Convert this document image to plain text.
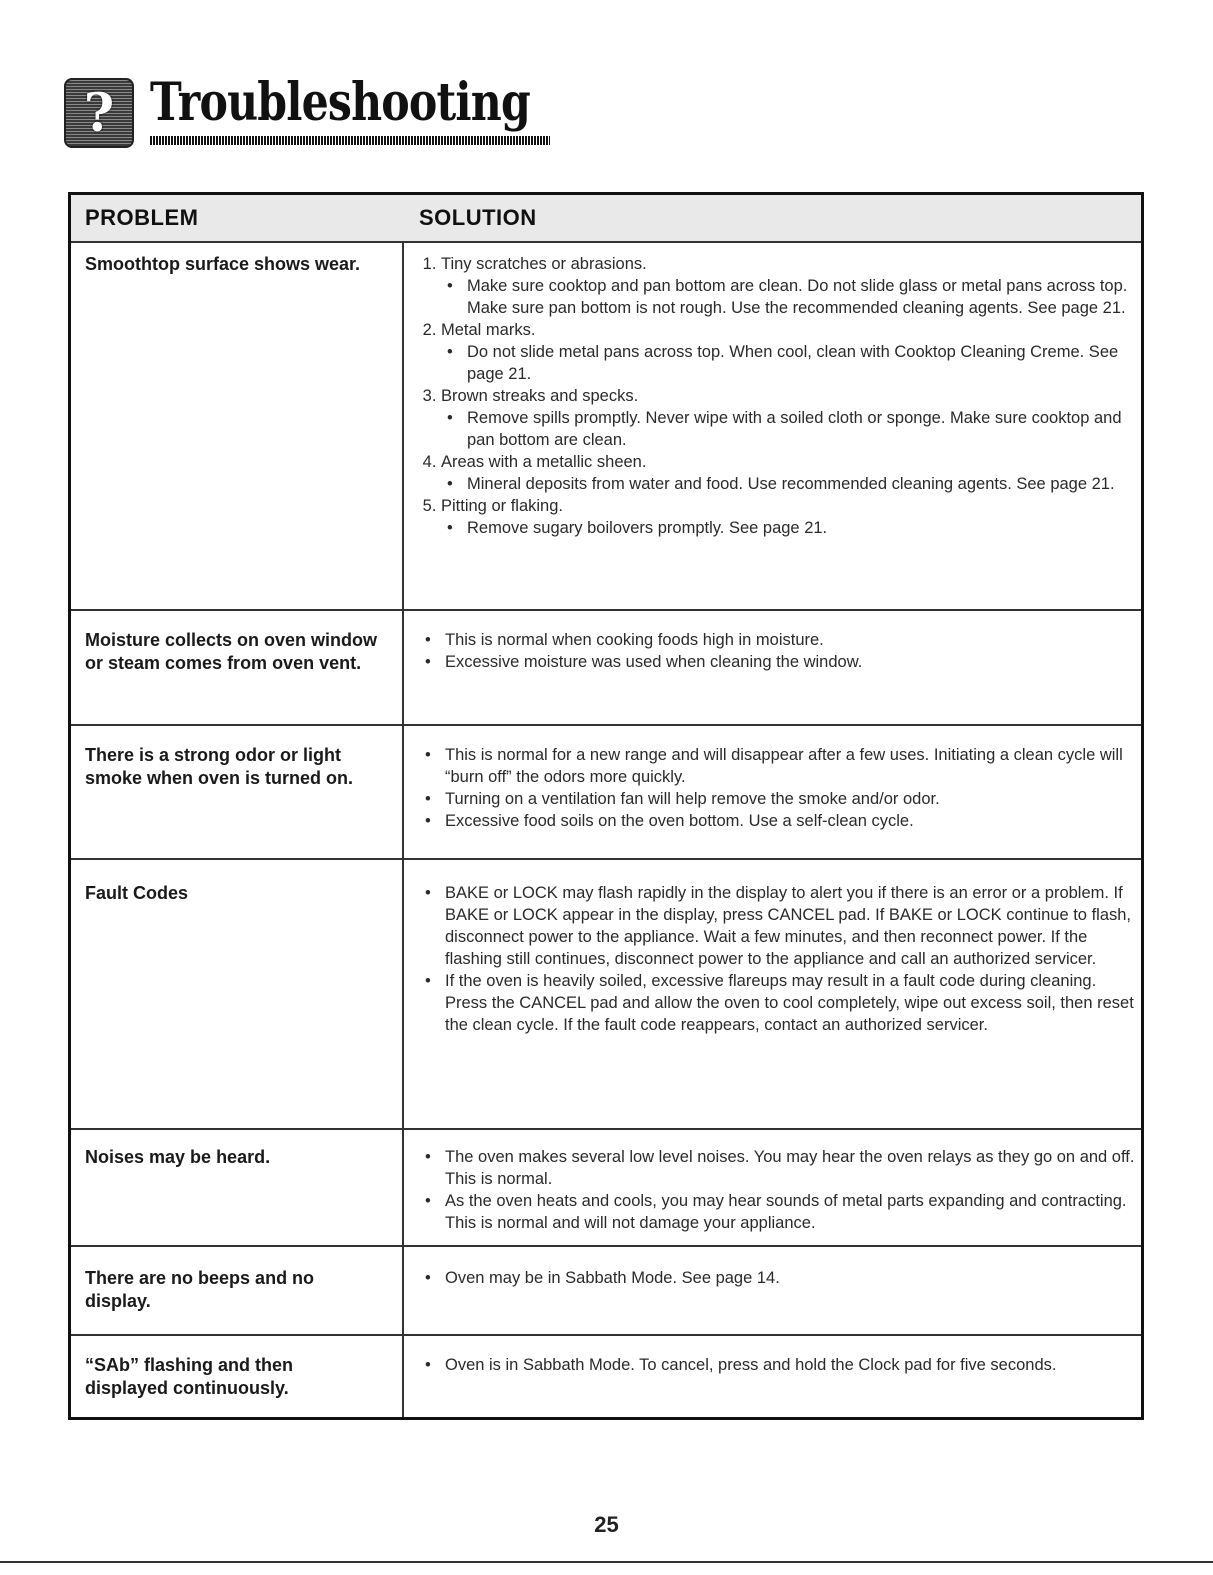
? Troubleshooting
PROBLEM	SOLUTION
Smoothtop surface shows wear.	1. Tiny scratches or abrasions.
• Make sure cooktop and pan bottom are clean. Do not slide glass or metal pans across top. Make sure pan bottom is not rough. Use the recommended cleaning agents. See page 21.
2. Metal marks.
• Do not slide metal pans across top. When cool, clean with Cooktop Cleaning Creme. See page 21.
3. Brown streaks and specks.
• Remove spills promptly. Never wipe with a soiled cloth or sponge. Make sure cooktop and pan bottom are clean.
4. Areas with a metallic sheen.
• Mineral deposits from water and food. Use recommended cleaning agents. See page 21.
5. Pitting or flaking.
• Remove sugary boilovers promptly. See page 21.
Moisture collects on oven window or steam comes from oven vent.
• This is normal when cooking foods high in moisture.
• Excessive moisture was used when cleaning the window.
There is a strong odor or light smoke when oven is turned on.
• This is normal for a new range and will disappear after a few uses. Initiating a clean cycle will “burn off” the odors more quickly.
• Turning on a ventilation fan will help remove the smoke and/or odor.
• Excessive food soils on the oven bottom. Use a self-clean cycle.
Fault Codes	• BAKE or LOCK may flash rapidly in the display to alert you if there is an error or a problem. If BAKE or LOCK appear in the display, press CANCEL pad. If BAKE or LOCK continue to flash, disconnect power to the appliance. Wait a few minutes, and then reconnect power. If the flashing still continues, disconnect power to the appliance and call an authorized servicer.
• If the oven is heavily soiled, excessive flareups may result in a fault code during cleaning. Press the CANCEL pad and allow the oven to cool completely, wipe out excess soil, then reset the clean cycle. If the fault code reappears, contact an authorized servicer.
Noises may be heard.	• The oven makes several low level noises. You may hear the oven relays as they go on and off. This is normal.
• As the oven heats and cools, you may hear sounds of metal parts expanding and contracting. This is normal and will not damage your appliance.
There are no beeps and no display.
• Oven may be in Sabbath Mode. See page 14.
“SAb” flashing and then displayed continuously.
• Oven is in Sabbath Mode. To cancel, press and hold the Clock pad for five seconds.
25
